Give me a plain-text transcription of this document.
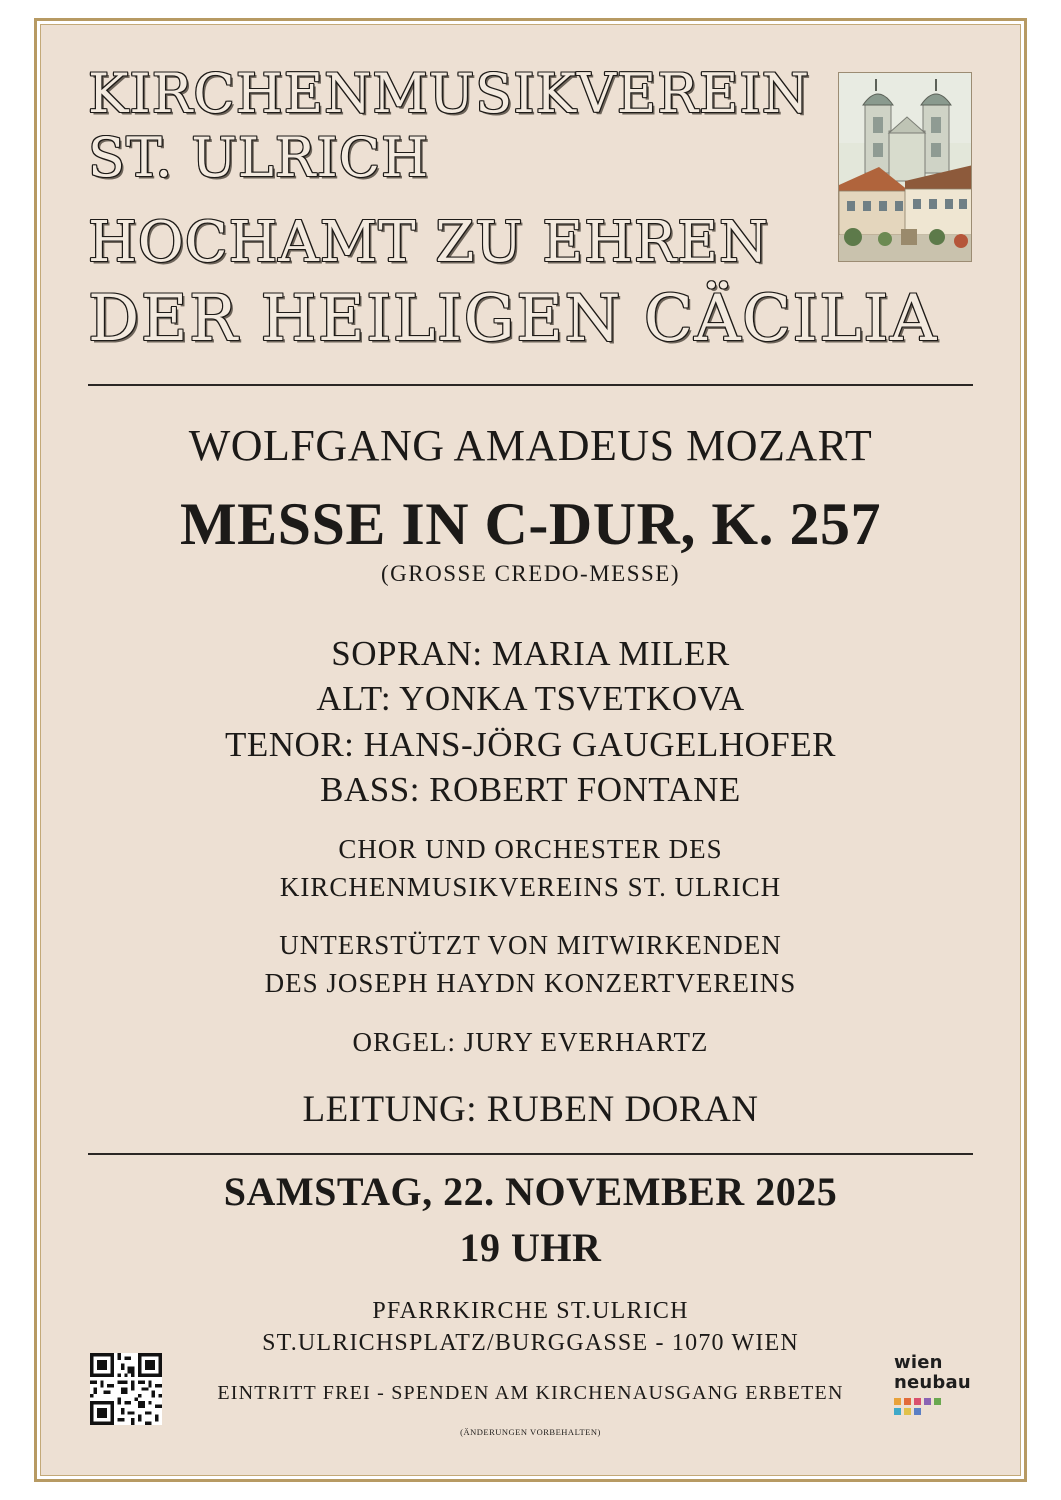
KIRCHENMUSIKVEREIN
ST. ULRICH
HOCHAMT ZU EHREN
DER HEILIGEN CÄCILIA
WOLFGANG AMADEUS MOZART
MESSE IN C-DUR, K. 257
(GROSSE CREDO-MESSE)
SOPRAN: MARIA MILER
ALT: YONKA TSVETKOVA
TENOR: HANS-JÖRG GAUGELHOFER
BASS: ROBERT FONTANE
CHOR UND ORCHESTER DES
KIRCHENMUSIKVEREINS ST. ULRICH
UNTERSTÜTZT VON MITWIRKENDEN
DES JOSEPH HAYDN KONZERTVEREINS
ORGEL: JURY EVERHARTZ
LEITUNG: RUBEN DORAN
SAMSTAG, 22. NOVEMBER 2025
19 UHR
PFARRKIRCHE ST.ULRICH
ST.ULRICHSPLATZ/BURGGASSE - 1070 WIEN
EINTRITT FREI - SPENDEN AM KIRCHENAUSGANG ERBETEN
(ÄNDERUNGEN VORBEHALTEN)
wien
neubau
